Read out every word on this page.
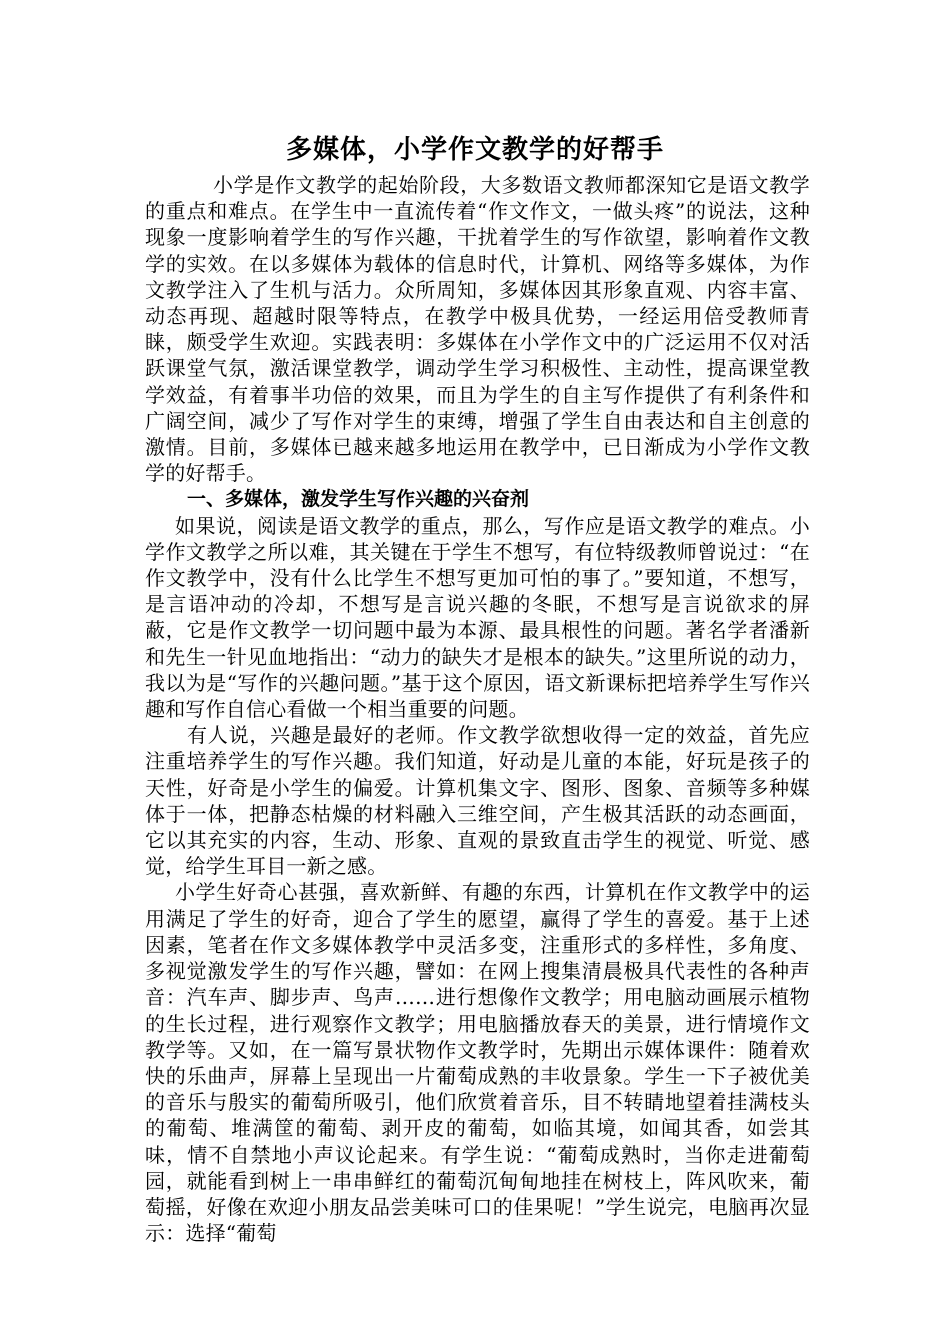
多媒体，小学作文教学的好帮手

小学是作文教学的起始阶段，大多数语文教师都深知它是语文教学的重点和难点。在学生中一直流传着“作文作文，一做头疼”的说法，这种现象一度影响着学生的写作兴趣，干扰着学生的写作欲望，影响着作文教学的实效。在以多媒体为载体的信息时代，计算机、网络等多媒体，为作文教学注入了生机与活力。众所周知，多媒体因其形象直观、内容丰富、动态再现、超越时限等特点，在教学中极具优势，一经运用倍受教师青睐，颇受学生欢迎。实践表明：多媒体在小学作文中的广泛运用不仅对活跃课堂气氛，激活课堂教学，调动学生学习积极性、主动性，提高课堂教学效益，有着事半功倍的效果，而且为学生的自主写作提供了有利条件和广阔空间，减少了写作对学生的束缚，增强了学生自由表达和自主创意的激情。目前，多媒体已越来越多地运用在教学中，已日渐成为小学作文教学的好帮手。

一、多媒体，激发学生写作兴趣的兴奋剂

如果说，阅读是语文教学的重点，那么，写作应是语文教学的难点。小学作文教学之所以难，其关键在于学生不想写，有位特级教师曾说过：“在作文教学中，没有什么比学生不想写更加可怕的事了。”要知道，不想写，是言语冲动的冷却，不想写是言说兴趣的冬眠，不想写是言说欲求的屏蔽，它是作文教学一切问题中最为本源、最具根性的问题。著名学者潘新和先生一针见血地指出：“动力的缺失才是根本的缺失。”这里所说的动力，我以为是“写作的兴趣问题。”基于这个原因，语文新课标把培养学生写作兴趣和写作自信心看做一个相当重要的问题。

有人说，兴趣是最好的老师。作文教学欲想收得一定的效益，首先应注重培养学生的写作兴趣。我们知道，好动是儿童的本能，好玩是孩子的天性，好奇是小学生的偏爱。计算机集文字、图形、图象、音频等多种媒体于一体，把静态枯燥的材料融入三维空间，产生极其活跃的动态画面，它以其充实的内容，生动、形象、直观的景致直击学生的视觉、听觉、感觉，给学生耳目一新之感。

小学生好奇心甚强，喜欢新鲜、有趣的东西，计算机在作文教学中的运用满足了学生的好奇，迎合了学生的愿望，赢得了学生的喜爱。基于上述因素，笔者在作文多媒体教学中灵活多变，注重形式的多样性，多角度、多视觉激发学生的写作兴趣，譬如：在网上搜集清晨极具代表性的各种声音：汽车声、脚步声、鸟声……进行想像作文教学；用电脑动画展示植物的生长过程，进行观察作文教学；用电脑播放春天的美景，进行情境作文教学等。又如，在一篇写景状物作文教学时，先期出示媒体课件：随着欢快的乐曲声，屏幕上呈现出一片葡萄成熟的丰收景象。学生一下子被优美的音乐与殷实的葡萄所吸引，他们欣赏着音乐，目不转睛地望着挂满枝头的葡萄、堆满筐的葡萄、剥开皮的葡萄，如临其境，如闻其香，如尝其味，情不自禁地小声议论起来。有学生说：“葡萄成熟时，当你走进葡萄园，就能看到树上一串串鲜红的葡萄沉甸甸地挂在树枝上，阵风吹来，葡萄摇，好像在欢迎小朋友品尝美味可口的佳果呢！”学生说完，电脑再次显示：选择“葡萄
